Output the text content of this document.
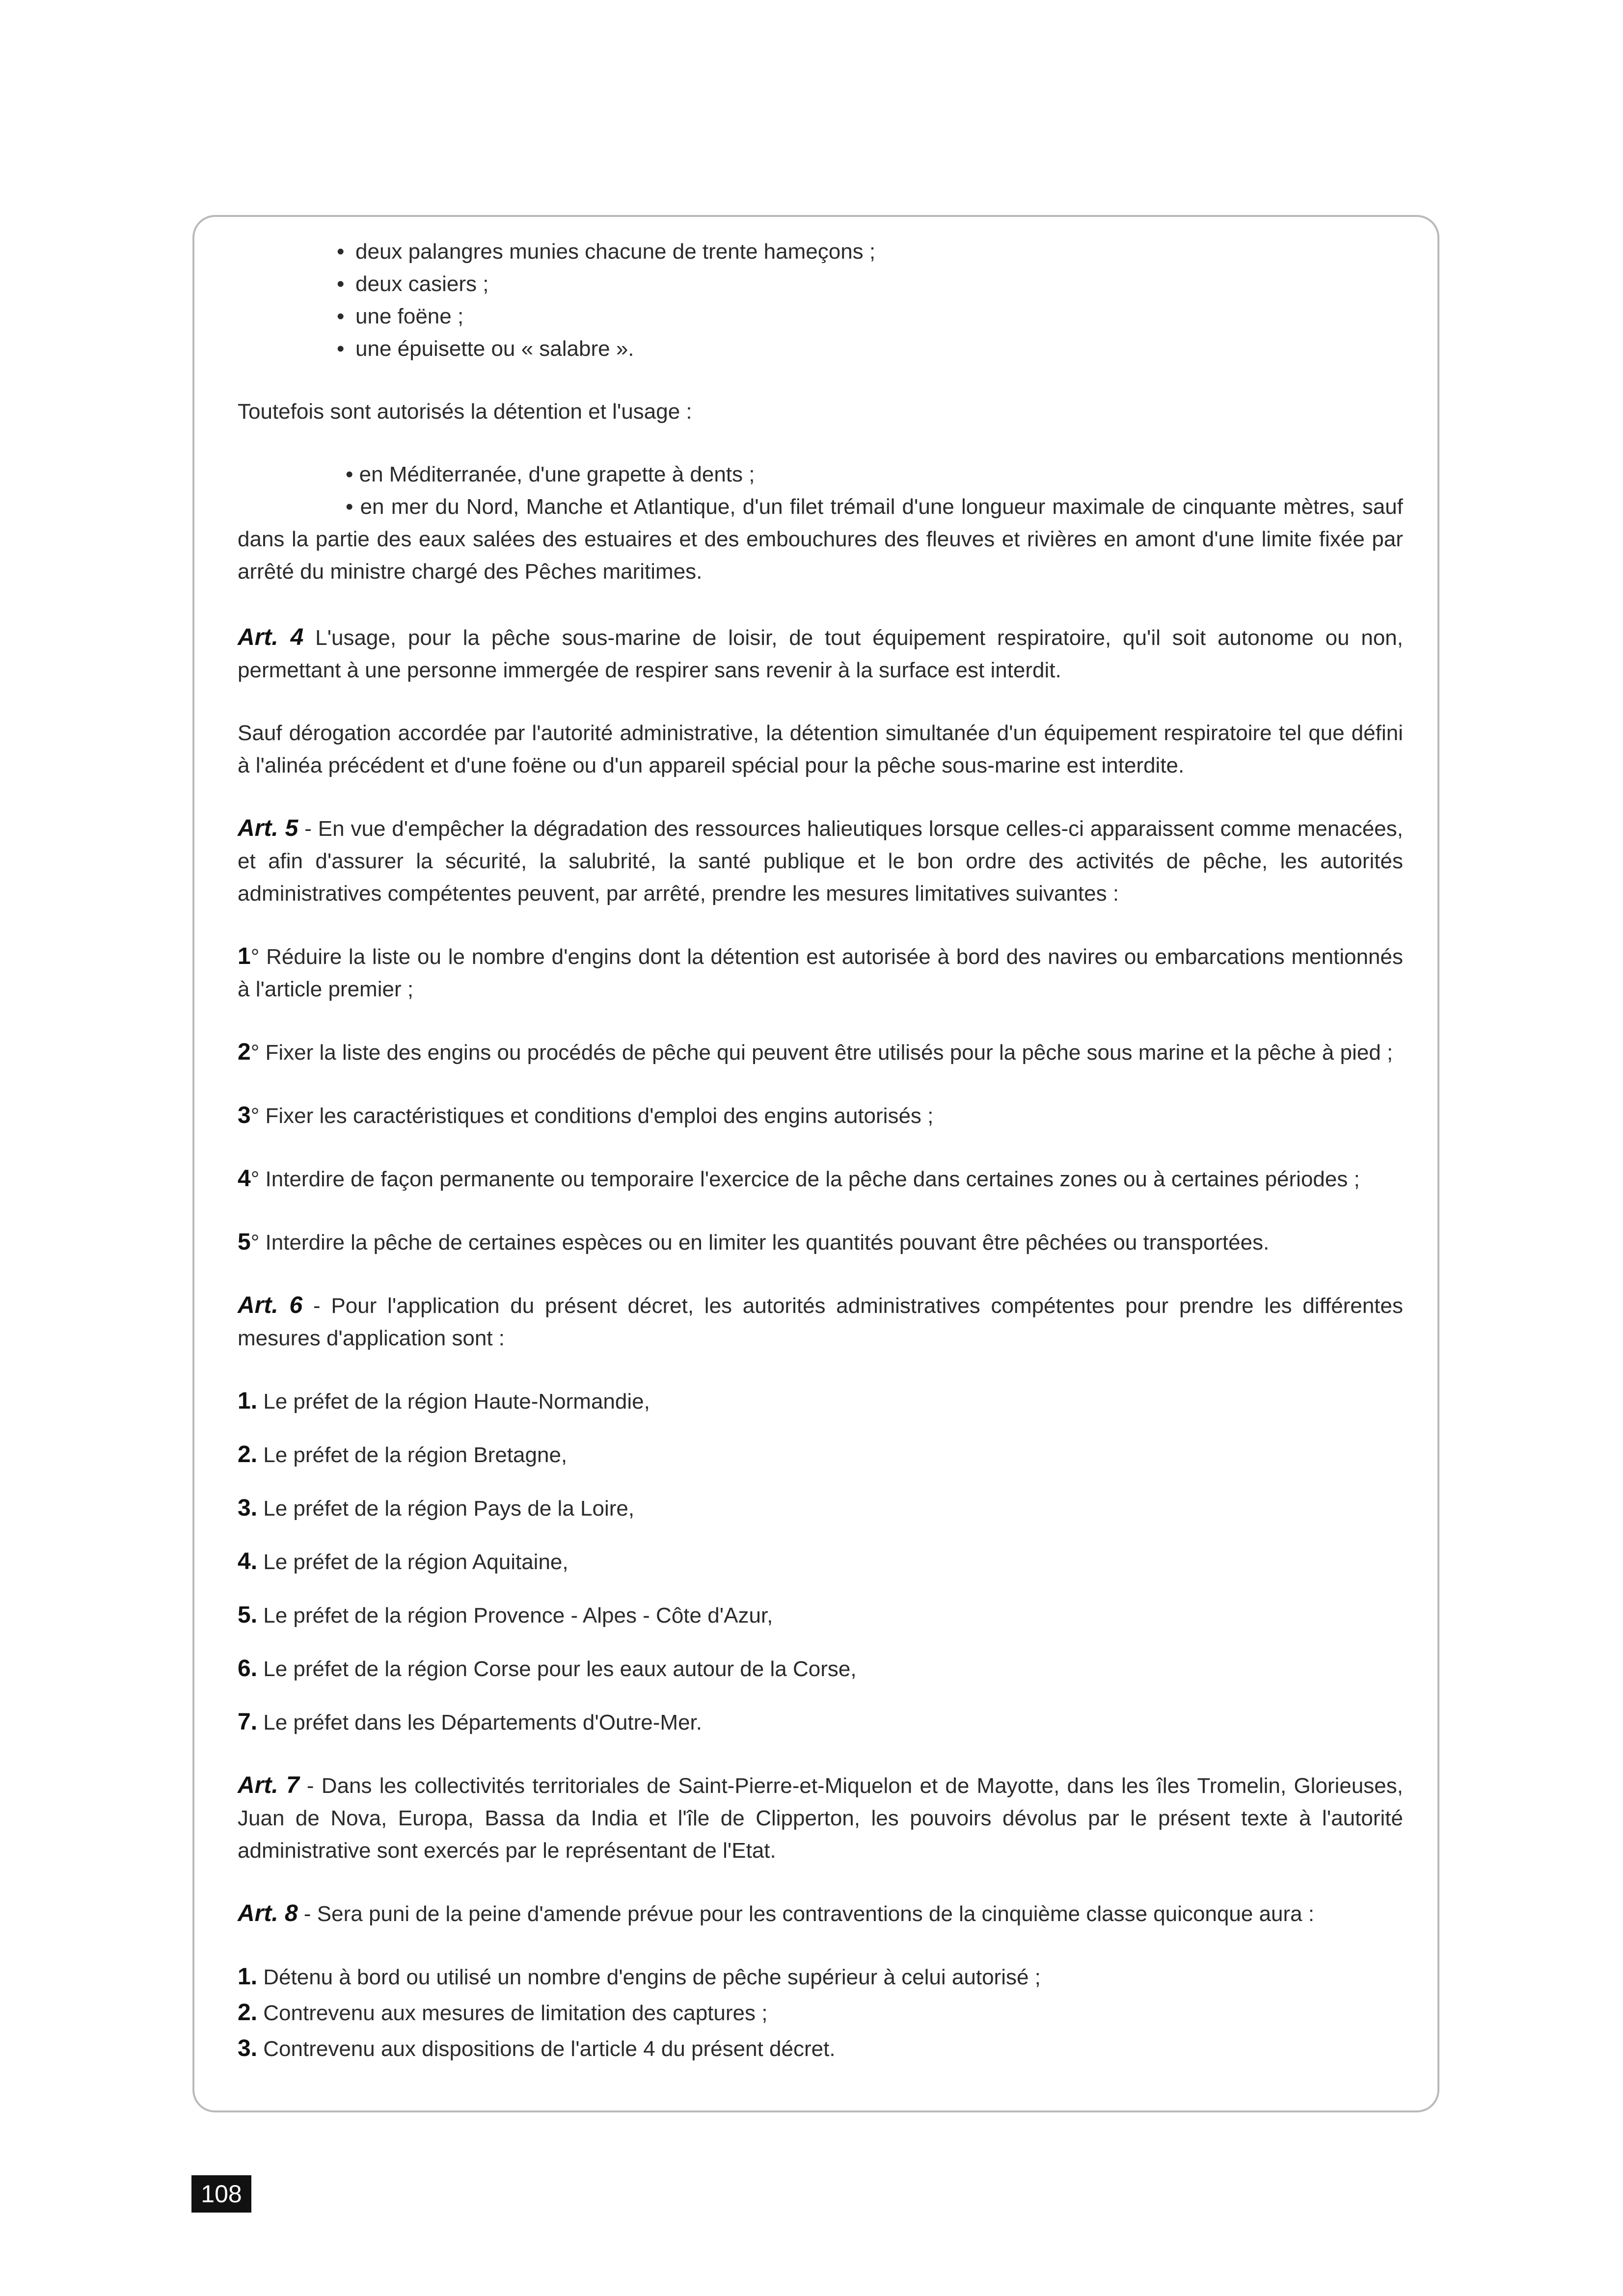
• deux palangres munies chacune de trente hameçons ;
• deux casiers ;
• une foëne ;
• une épuisette ou « salabre ».

Toutefois sont autorisés la détention et l'usage :

• en Méditerranée, d'une grapette à dents ;

• en mer du Nord, Manche et Atlantique, d'un filet trémail d'une longueur maximale de cinquante mètres, sauf dans la partie des eaux salées des estuaires et des embouchures des fleuves et rivières en amont d'une limite fixée par arrêté du ministre chargé des Pêches maritimes.

Art. 4 L'usage, pour la pêche sous-marine de loisir, de tout équipement respiratoire, qu'il soit autonome ou non, permettant à une personne immergée de respirer sans revenir à la surface est interdit.

Sauf dérogation accordée par l'autorité administrative, la détention simultanée d'un équipement respiratoire tel que défini à l'alinéa précédent et d'une foëne ou d'un appareil spécial pour la pêche sous-marine est interdite.

Art. 5 - En vue d'empêcher la dégradation des ressources halieutiques lorsque celles-ci apparaissent comme menacées, et afin d'assurer la sécurité, la salubrité, la santé publique et le bon ordre des activités de pêche, les autorités administratives compétentes peuvent, par arrêté, prendre les mesures limitatives suivantes :

1° Réduire la liste ou le nombre d'engins dont la détention est autorisée à bord des navires ou embarcations mentionnés à l'article premier ;

2° Fixer la liste des engins ou procédés de pêche qui peuvent être utilisés pour la pêche sous marine et la pêche à pied ;

3° Fixer les caractéristiques et conditions d'emploi des engins autorisés ;

4° Interdire de façon permanente ou temporaire l'exercice de la pêche dans certaines zones ou à certaines périodes ;

5° Interdire la pêche de certaines espèces ou en limiter les quantités pouvant être pêchées ou transportées.

Art. 6 - Pour l'application du présent décret, les autorités administratives compétentes pour prendre les différentes mesures d'application sont :

1. Le préfet de la région Haute-Normandie,
2. Le préfet de la région Bretagne,
3. Le préfet de la région Pays de la Loire,
4. Le préfet de la région Aquitaine,
5. Le préfet de la région Provence - Alpes - Côte d'Azur,
6. Le préfet de la région Corse pour les eaux autour de la Corse,
7. Le préfet dans les Départements d'Outre-Mer.

Art. 7 - Dans les collectivités territoriales de Saint-Pierre-et-Miquelon et de Mayotte, dans les îles Tromelin, Glorieuses, Juan de Nova, Europa, Bassa da India et l'île de Clipperton, les pouvoirs dévolus par le présent texte à l'autorité administrative sont exercés par le représentant de l'Etat.

Art. 8 - Sera puni de la peine d'amende prévue pour les contraventions de la cinquième classe quiconque aura :

1. Détenu à bord ou utilisé un nombre d'engins de pêche supérieur à celui autorisé ;
2. Contrevenu aux mesures de limitation des captures ;
3. Contrevenu aux dispositions de l'article 4 du présent décret.
108
